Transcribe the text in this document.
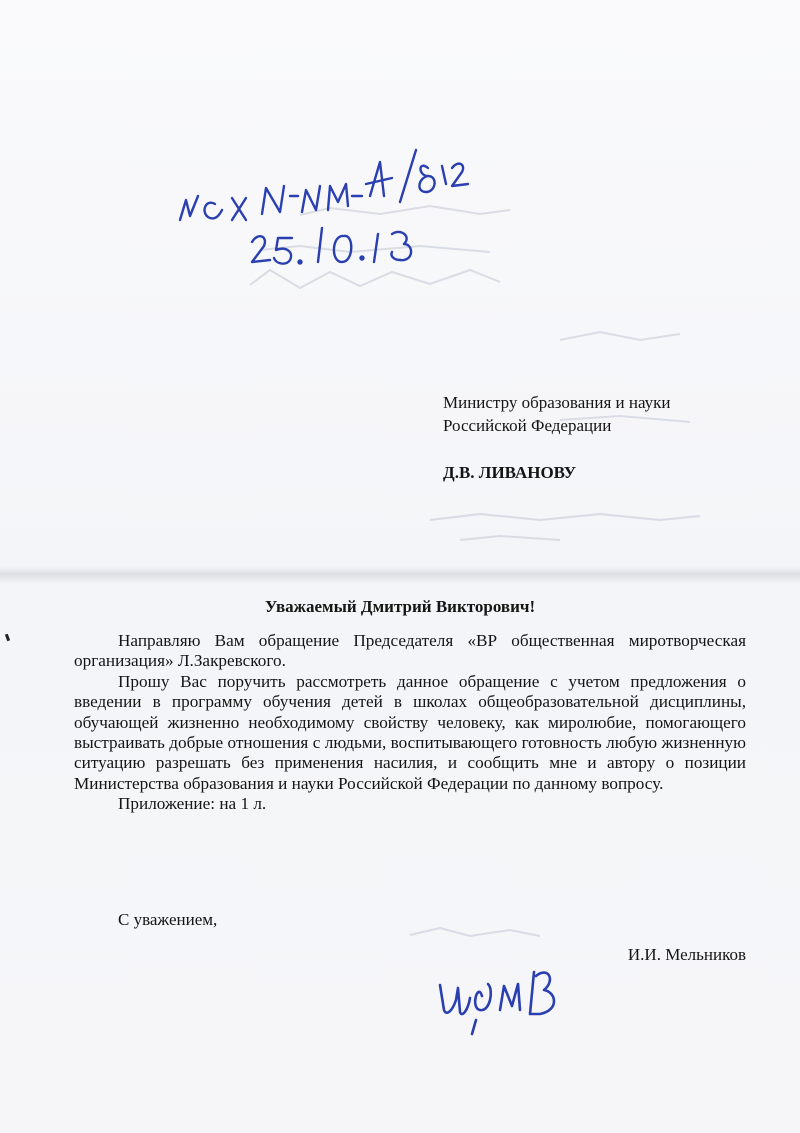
Министру образования и науки
Российской Федерации
Д.В. ЛИВАНОВУ
Уважаемый Дмитрий Викторович!

Направляю Вам обращение Председателя «ВР общественная миротворческая организация» Л.Закревского.

Прошу Вас поручить рассмотреть данное обращение с учетом предложения о введении в программу обучения детей в школах общеобразовательной дисциплины, обучающей жизненно необходимому свойству человеку, как миролюбие, помогающего выстраивать добрые отношения с людьми, воспитывающего готовность любую жизненную ситуацию разрешать без применения насилия, и сообщить мне и автору о позиции Министерства образования и науки Российской Федерации по данному вопросу.

Приложение: на 1 л.

С уважением,
И.И. Мельников
